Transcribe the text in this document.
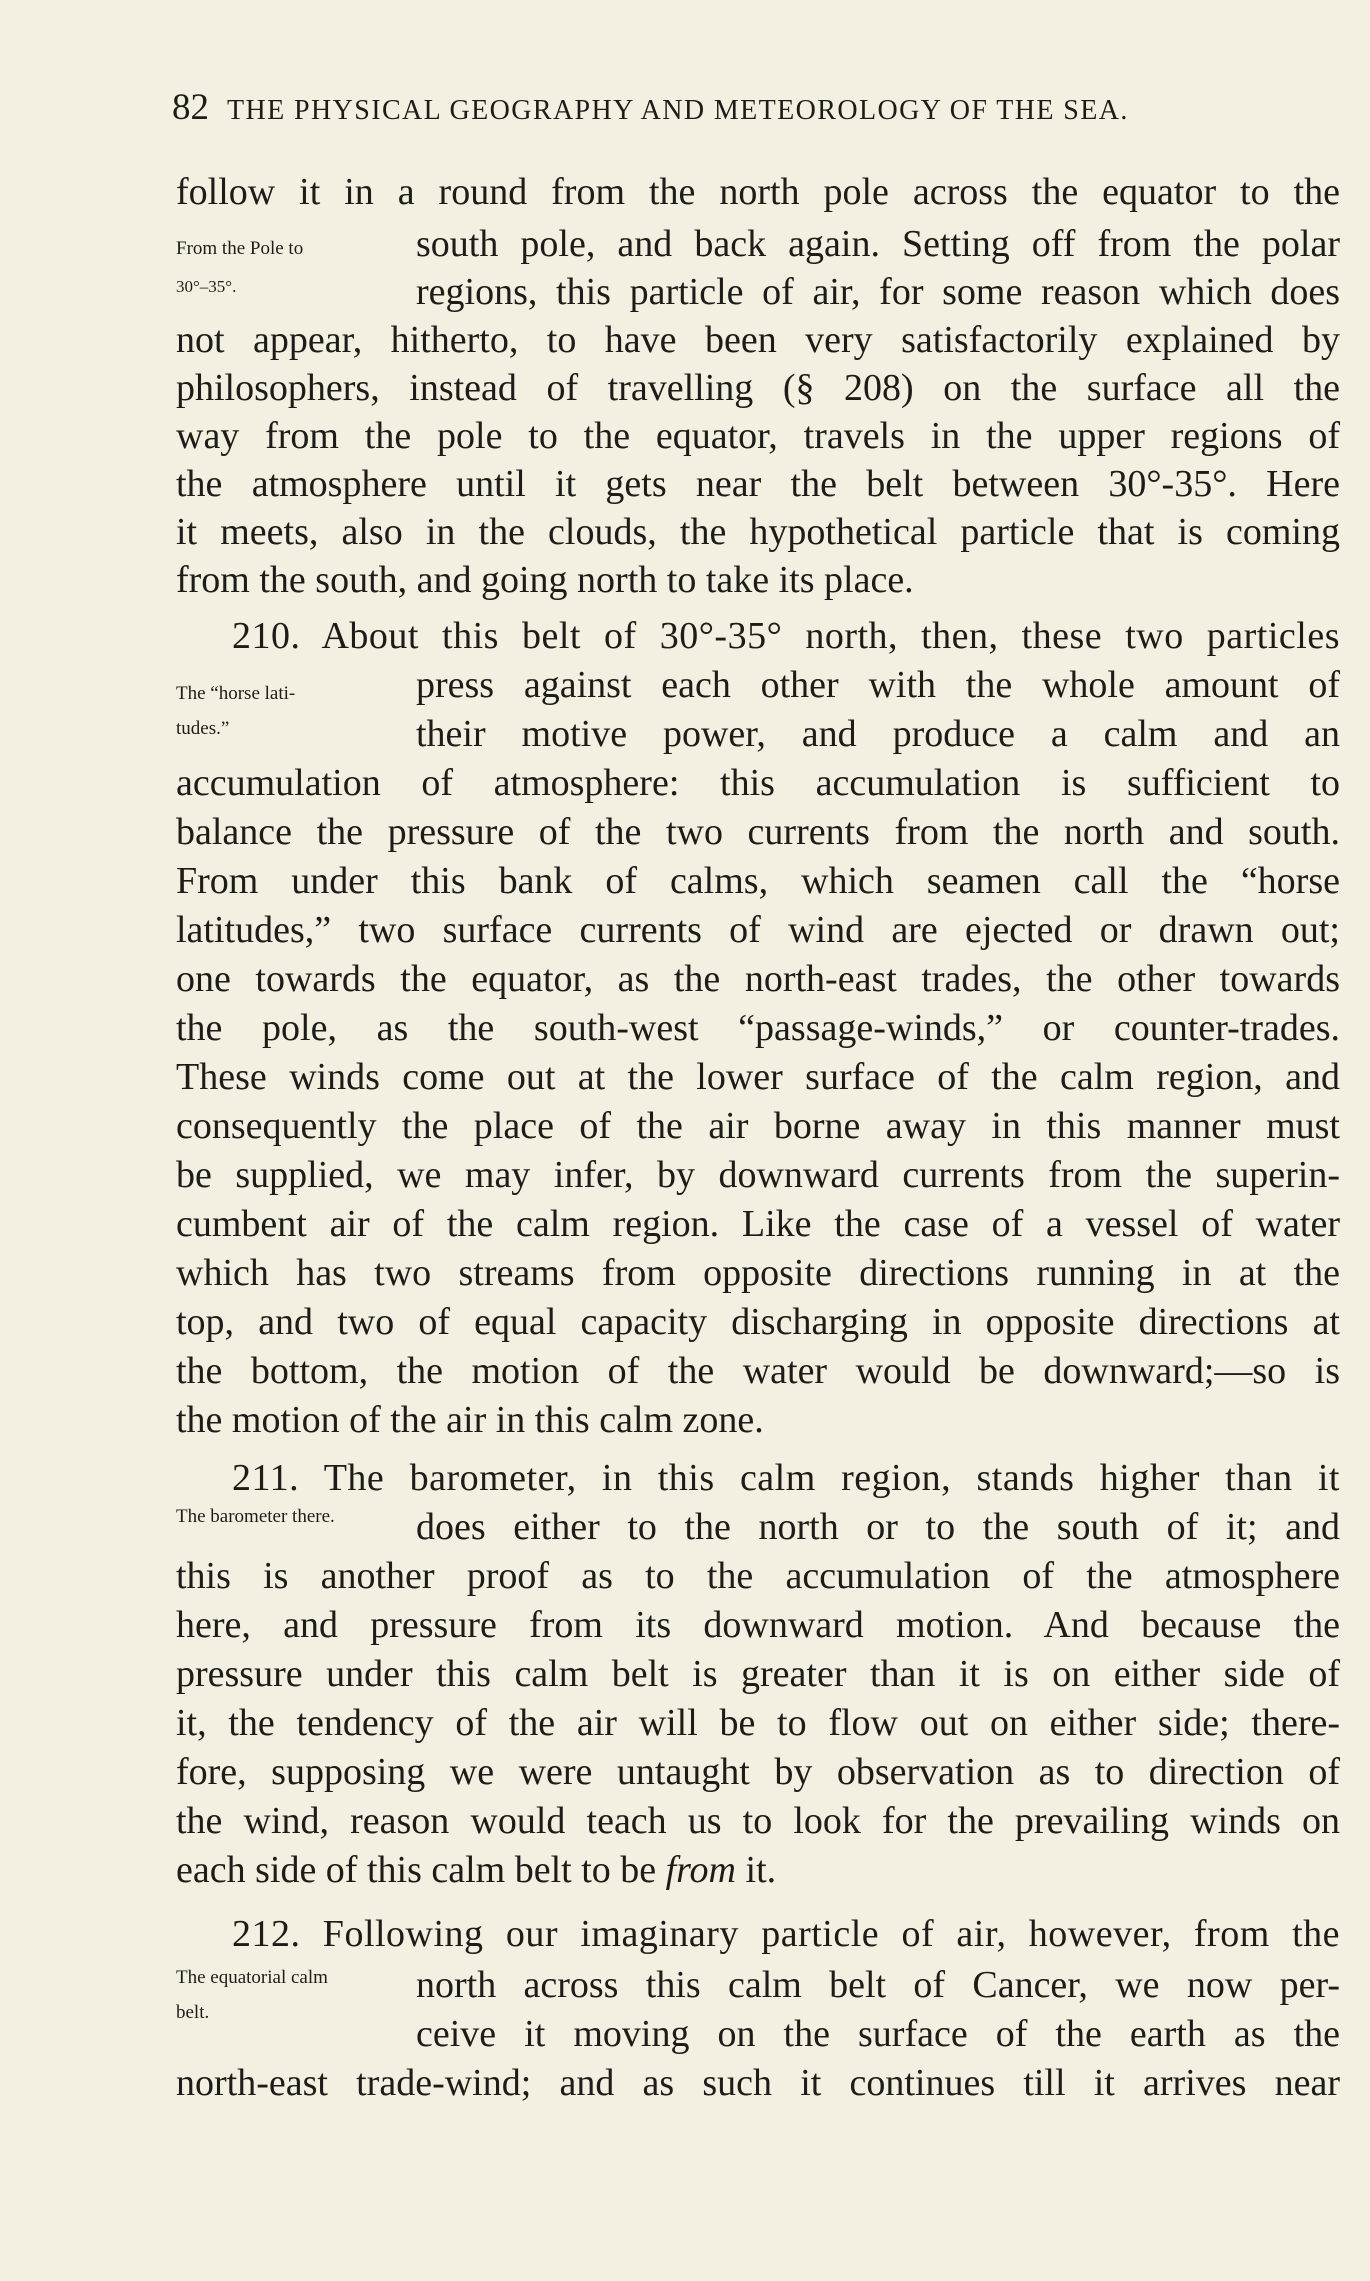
82 THE PHYSICAL GEOGRAPHY AND METEOROLOGY OF THE SEA.
From the Pole to
30°–35°.
The “horse lati-
tudes.”
The barometer there.
The equatorial calm
belt.
follow it in a round from the north pole across the equator to the
south pole, and back again. Setting off from the polar
regions, this particle of air, for some reason which does
not appear, hitherto, to have been very satisfactorily explained by
philosophers, instead of travelling (§ 208) on the surface all the
way from the pole to the equator, travels in the upper regions of
the atmosphere until it gets near the belt between 30°-35°. Here
it meets, also in the clouds, the hypothetical particle that is coming
from the south, and going north to take its place.
210. About this belt of 30°-35° north, then, these two particles
press against each other with the whole amount of
their motive power, and produce a calm and an
accumulation of atmosphere: this accumulation is sufficient to
balance the pressure of the two currents from the north and south.
From under this bank of calms, which seamen call the “horse
latitudes,” two surface currents of wind are ejected or drawn out;
one towards the equator, as the north-east trades, the other towards
the pole, as the south-west “passage-winds,” or counter-trades.
These winds come out at the lower surface of the calm region, and
consequently the place of the air borne away in this manner must
be supplied, we may infer, by downward currents from the superin-
cumbent air of the calm region. Like the case of a vessel of water
which has two streams from opposite directions running in at the
top, and two of equal capacity discharging in opposite directions at
the bottom, the motion of the water would be downward;—so is
the motion of the air in this calm zone.
211. The barometer, in this calm region, stands higher than it
does either to the north or to the south of it; and
this is another proof as to the accumulation of the atmosphere
here, and pressure from its downward motion. And because the
pressure under this calm belt is greater than it is on either side of
it, the tendency of the air will be to flow out on either side; there-
fore, supposing we were untaught by observation as to direction of
the wind, reason would teach us to look for the prevailing winds on
each side of this calm belt to be from it.
212. Following our imaginary particle of air, however, from the
north across this calm belt of Cancer, we now per-
ceive it moving on the surface of the earth as the
north-east trade-wind; and as such it continues till it arrives near
